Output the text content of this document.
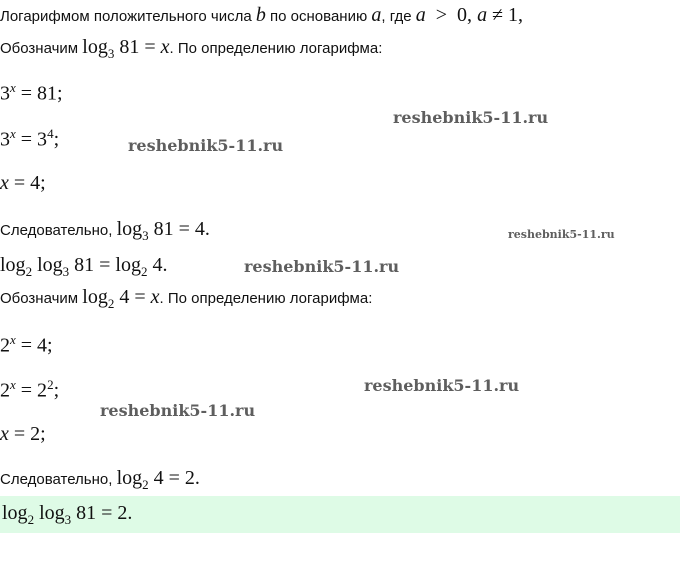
Логарифмом положительного числа b по основанию a, где a  >  0, a ≠ 1,
Обозначим $\log_3 81 = x$. По определению логарифма:
$3^x = 81$;
$3^x = 3^4$;
x = 4;
Следовательно, $\log_3 81 = 4$.
$\log_2 \log_3 81 = \log_2 4$.
Обозначим $\log_2 4 = x$. По определению логарифма:
$2^x = 4$;
$2^x = 2^2$;
x = 2;
Следовательно, $\log_2 4 = 2$.
$\log_2 \log_3 81 = 2$.
reshebnik5-11.ru
reshebnik5-11.ru
reshebnik5-11.ru
reshebnik5-11.ru
reshebnik5-11.ru
reshebnik5-11.ru
